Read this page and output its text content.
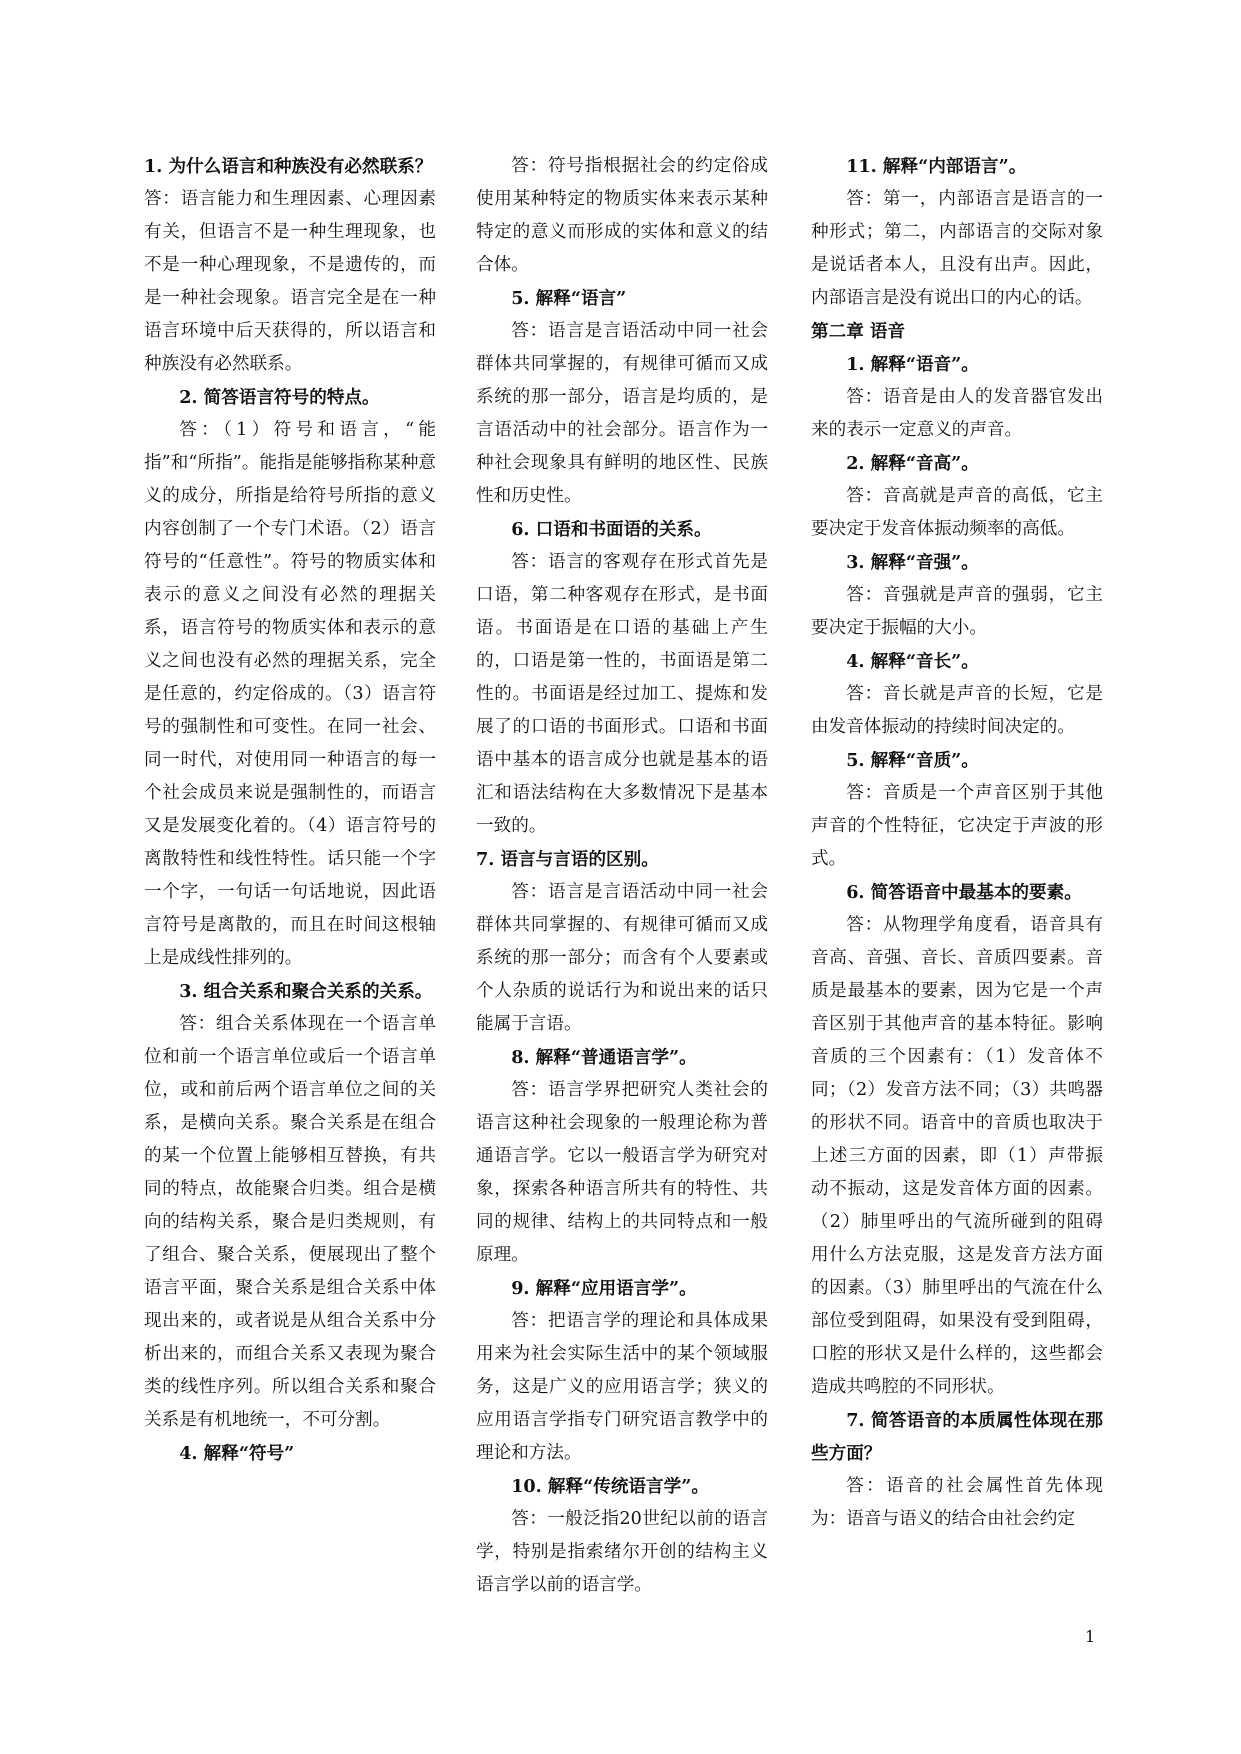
1. 为什么语言和种族没有必然联系？

答：语言能力和生理因素、心理因素有关，但语言不是一种生理现象，也不是一种心理现象，不是遗传的，而是一种社会现象。语言完全是在一种语言环境中后天获得的，所以语言和种族没有必然联系。

2. 简答语言符号的特点。

答：（1）符号和语言，“能指”和“所指”。能指是能够指称某种意义的成分，所指是给符号所指的意义内容创制了一个专门术语。（2）语言符号的“任意性”。符号的物质实体和表示的意义之间没有必然的理据关系，语言符号的物质实体和表示的意义之间也没有必然的理据关系，完全是任意的，约定俗成的。（3）语言符号的强制性和可变性。在同一社会、同一时代，对使用同一种语言的每一个社会成员来说是强制性的，而语言又是发展变化着的。（4）语言符号的离散特性和线性特性。话只能一个字一个字，一句话一句话地说，因此语言符号是离散的，而且在时间这根轴上是成线性排列的。

3. 组合关系和聚合关系的关系。

答：组合关系体现在一个语言单位和前一个语言单位或后一个语言单位，或和前后两个语言单位之间的关系，是横向关系。聚合关系是在组合的某一个位置上能够相互替换，有共同的特点，故能聚合归类。组合是横向的结构关系，聚合是归类规则，有了组合、聚合关系，便展现出了整个语言平面，聚合关系是组合关系中体现出来的，或者说是从组合关系中分析出来的，而组合关系又表现为聚合类的线性序列。所以组合关系和聚合关系是有机地统一，不可分割。

4. 解释“符号”

答：符号指根据社会的约定俗成使用某种特定的物质实体来表示某种特定的意义而形成的实体和意义的结合体。

5. 解释“语言”

答：语言是言语活动中同一社会群体共同掌握的，有规律可循而又成系统的那一部分，语言是均质的，是言语活动中的社会部分。语言作为一种社会现象具有鲜明的地区性、民族性和历史性。

6. 口语和书面语的关系。

答：语言的客观存在形式首先是口语，第二种客观存在形式，是书面语。书面语是在口语的基础上产生的，口语是第一性的，书面语是第二性的。书面语是经过加工、提炼和发展了的口语的书面形式。口语和书面语中基本的语言成分也就是基本的语汇和语法结构在大多数情况下是基本一致的。

7. 语言与言语的区别。

答：语言是言语活动中同一社会群体共同掌握的、有规律可循而又成系统的那一部分；而含有个人要素或个人杂质的说话行为和说出来的话只能属于言语。

8. 解释“普通语言学”。

答：语言学界把研究人类社会的语言这种社会现象的一般理论称为普通语言学。它以一般语言学为研究对象，探索各种语言所共有的特性、共同的规律、结构上的共同特点和一般原理。

9. 解释“应用语言学”。

答：把语言学的理论和具体成果用来为社会实际生活中的某个领域服务，这是广义的应用语言学；狭义的应用语言学指专门研究语言教学中的理论和方法。

10. 解释“传统语言学”。

答：一般泛指20世纪以前的语言学，特别是指索绪尔开创的结构主义语言学以前的语言学。

11. 解释“内部语言”。

答：第一，内部语言是语言的一种形式；第二，内部语言的交际对象是说话者本人，且没有出声。因此，内部语言是没有说出口的内心的话。

第二章 语音

1. 解释“语音”。

答：语音是由人的发音器官发出来的表示一定意义的声音。

2. 解释“音高”。

答：音高就是声音的高低，它主要决定于发音体振动频率的高低。

3. 解释“音强”。

答：音强就是声音的强弱，它主要决定于振幅的大小。

4. 解释“音长”。

答：音长就是声音的长短，它是由发音体振动的持续时间决定的。

5. 解释“音质”。

答：音质是一个声音区别于其他声音的个性特征，它决定于声波的形式。

6. 简答语音中最基本的要素。

答：从物理学角度看，语音具有音高、音强、音长、音质四要素。音质是最基本的要素，因为它是一个声音区别于其他声音的基本特征。影响音质的三个因素有：（1）发音体不同；（2）发音方法不同；（3）共鸣器的形状不同。语音中的音质也取决于上述三方面的因素，即（1）声带振动不振动，这是发音体方面的因素。（2）肺里呼出的气流所碰到的阻碍用什么方法克服，这是发音方法方面的因素。（3）肺里呼出的气流在什么部位受到阻碍，如果没有受到阻碍，口腔的形状又是什么样的，这些都会造成共鸣腔的不同形状。

7. 简答语音的本质属性体现在那些方面？

答：语音的社会属性首先体现为：语音与语义的结合由社会约定

1
